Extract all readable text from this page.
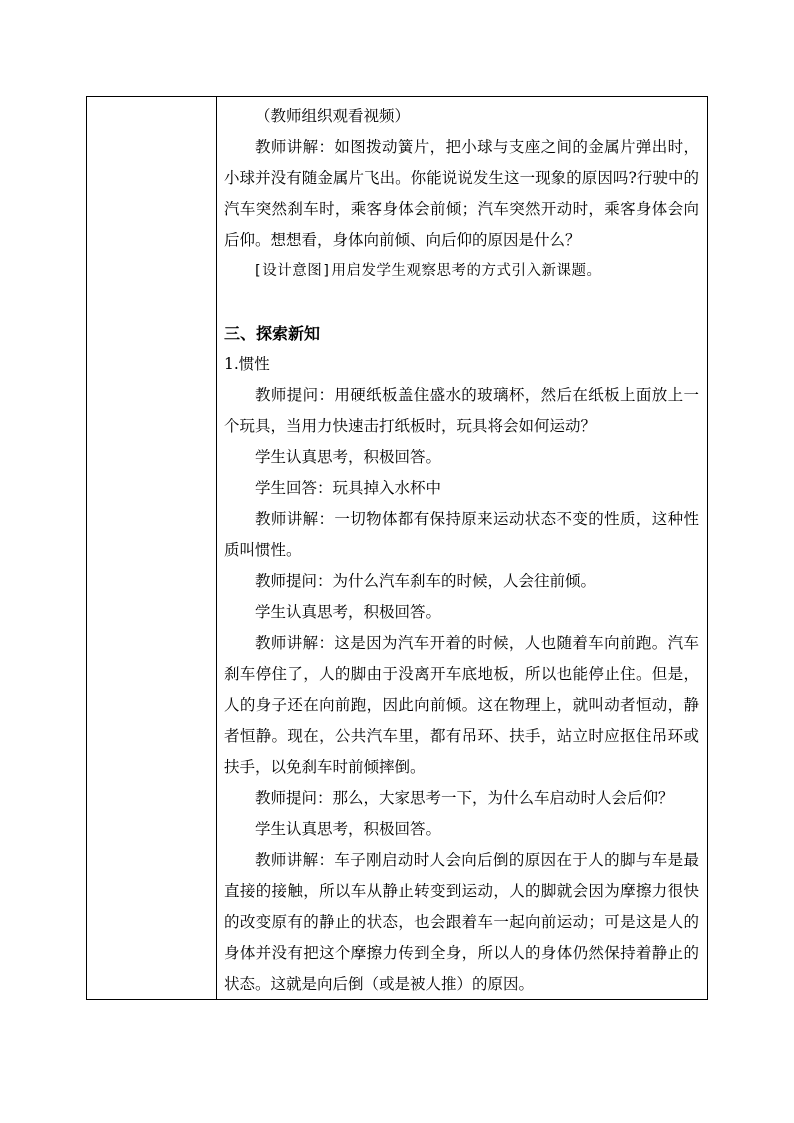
（教师组织观看视频）

教师讲解：如图拨动簧片，把小球与支座之间的金属片弹出时，小球并没有随金属片飞出。你能说说发生这一现象的原因吗?行驶中的汽车突然刹车时，乘客身体会前倾；汽车突然开动时，乘客身体会向后仰。想想看，身体向前倾、向后仰的原因是什么？

[设计意图]用启发学生观察思考的方式引入新课题。

三、探索新知

1.惯性

教师提问：用硬纸板盖住盛水的玻璃杯，然后在纸板上面放上一个玩具，当用力快速击打纸板时，玩具将会如何运动？

学生认真思考，积极回答。

学生回答：玩具掉入水杯中

教师讲解：一切物体都有保持原来运动状态不变的性质，这种性质叫惯性。

教师提问：为什么汽车刹车的时候，人会往前倾。

学生认真思考，积极回答。

教师讲解：这是因为汽车开着的时候，人也随着车向前跑。汽车刹车停住了，人的脚由于没离开车底地板，所以也能停止住。但是，人的身子还在向前跑，因此向前倾。这在物理上，就叫动者恒动，静者恒静。现在，公共汽车里，都有吊环、扶手，站立时应抠住吊环或扶手，以免刹车时前倾摔倒。

教师提问：那么，大家思考一下，为什么车启动时人会后仰？

学生认真思考，积极回答。

教师讲解：车子刚启动时人会向后倒的原因在于人的脚与车是最直接的接触，所以车从静止转变到运动，人的脚就会因为摩擦力很快的改变原有的静止的状态，也会跟着车一起向前运动；可是这是人的身体并没有把这个摩擦力传到全身，所以人的身体仍然保持着静止的状态。这就是向后倒（或是被人推）的原因。
